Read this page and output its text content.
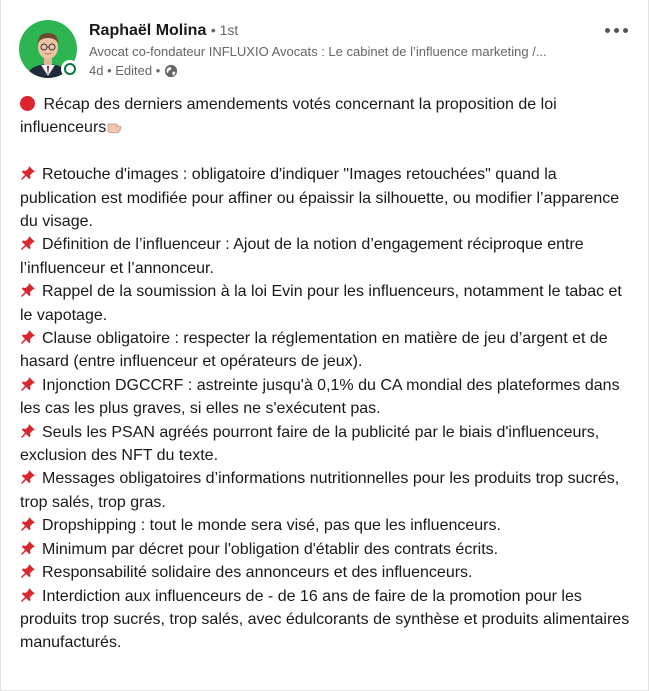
Raphaël Molina • 1st
Avocat co-fondateur INFLUXIO Avocats : Le cabinet de l’influence marketing /...
4d • Edited •
Récap des derniers amendements votés concernant la proposition de loi influenceurs
Retouche d'images : obligatoire d'indiquer "Images retouchées" quand la publication est modifiée pour affiner ou épaissir la silhouette, ou modifier l’apparence du visage.
Définition de l’influenceur : Ajout de la notion d’engagement réciproque entre l’influenceur et l’annonceur.
Rappel de la soumission à la loi Evin pour les influenceurs, notamment le tabac et le vapotage.
Clause obligatoire : respecter la réglementation en matière de jeu d’argent et de hasard (entre influenceur et opérateurs de jeux).
Injonction DGCCRF : astreinte jusqu'à 0,1% du CA mondial des plateformes dans les cas les plus graves, si elles ne s'exécutent pas.
Seuls les PSAN agréés pourront faire de la publicité par le biais d'influenceurs, exclusion des NFT du texte.
Messages obligatoires d’informations nutritionnelles pour les produits trop sucrés, trop salés, trop gras.
Dropshipping : tout le monde sera visé, pas que les influenceurs.
Minimum par décret pour l'obligation d'établir des contrats écrits.
Responsabilité solidaire des annonceurs et des influenceurs.
Interdiction aux influenceurs de - de 16 ans de faire de la promotion pour les produits trop sucrés, trop salés, avec édulcorants de synthèse et produits alimentaires manufacturés.
